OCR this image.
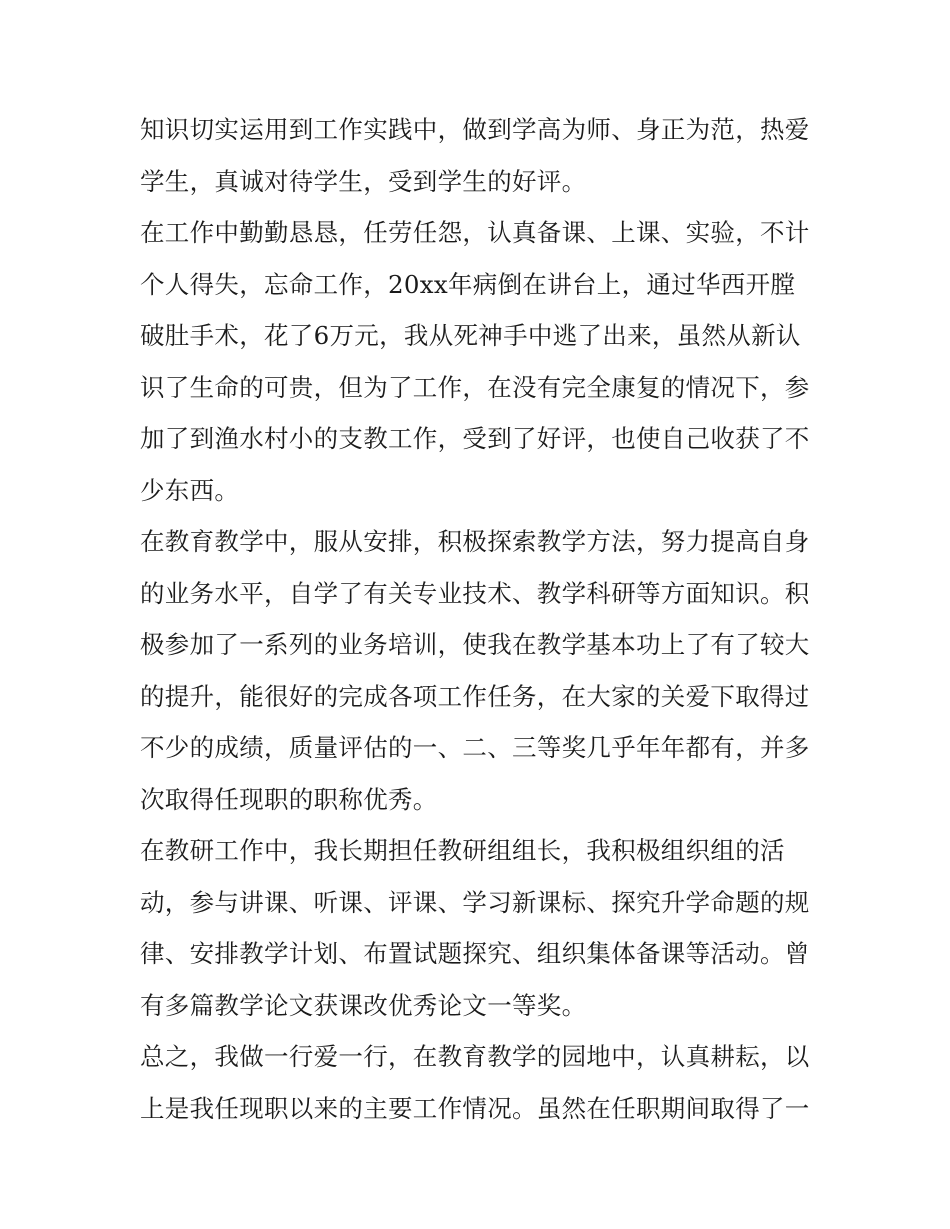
知识切实运用到工作实践中，做到学高为师、身正为范，热爱
学生，真诚对待学生，受到学生的好评。
在工作中勤勤恳恳，任劳任怨，认真备课、上课、实验，不计
个人得失，忘命工作，20xx年病倒在讲台上，通过华西开膛
破肚手术，花了6万元，我从死神手中逃了出来，虽然从新认
识了生命的可贵，但为了工作，在没有完全康复的情况下，参
加了到渔水村小的支教工作，受到了好评，也使自己收获了不
少东西。
在教育教学中，服从安排，积极探索教学方法，努力提高自身
的业务水平，自学了有关专业技术、教学科研等方面知识。积
极参加了一系列的业务培训，使我在教学基本功上了有了较大
的提升，能很好的完成各项工作任务，在大家的关爱下取得过
不少的成绩，质量评估的一、二、三等奖几乎年年都有，并多
次取得任现职的职称优秀。
在教研工作中，我长期担任教研组组长，我积极组织组的活
动，参与讲课、听课、评课、学习新课标、探究升学命题的规
律、安排教学计划、布置试题探究、组织集体备课等活动。曾
有多篇教学论文获课改优秀论文一等奖。
总之，我做一行爱一行，在教育教学的园地中，认真耕耘，以
上是我任现职以来的主要工作情况。虽然在任职期间取得了一
